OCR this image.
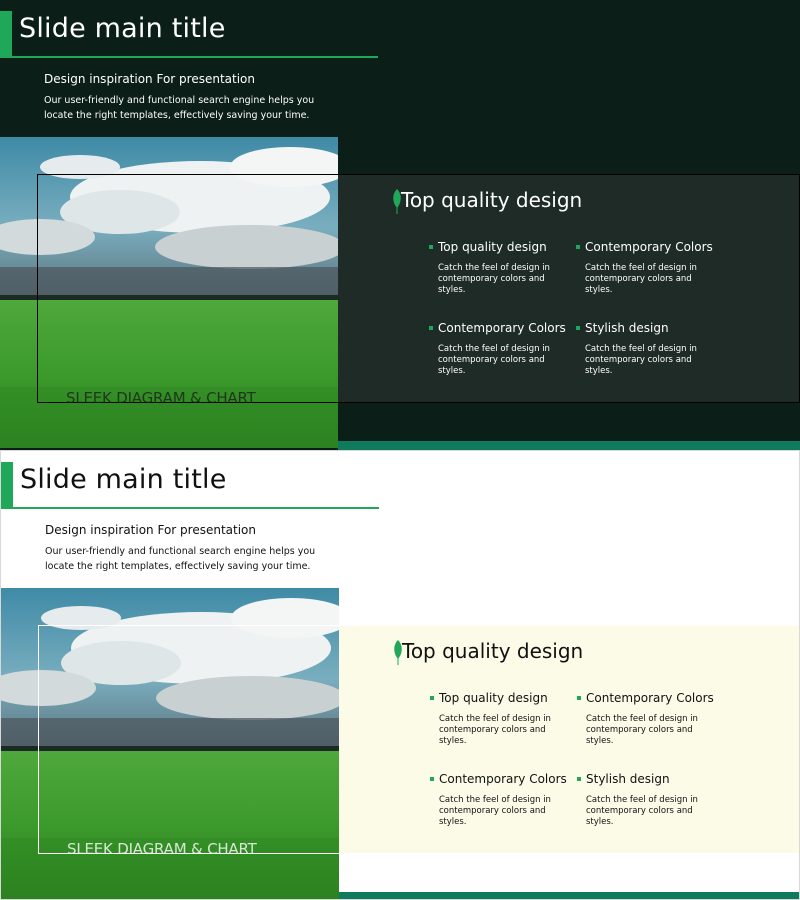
Slide main title
Design inspiration For presentation
Our user-friendly and functional search engine helps you locate the right templates, effectively saving your time.
SLEEK DIAGRAM & CHART
Top quality design
Top quality design
Catch the feel of design in contemporary colors and styles.
Contemporary Colors
Catch the feel of design in contemporary colors and styles.
Contemporary Colors
Catch the feel of design in contemporary colors and styles.
Stylish design
Catch the feel of design in contemporary colors and styles.
Slide main title
Design inspiration For presentation
Our user-friendly and functional search engine helps you locate the right templates, effectively saving your time.
SLEEK DIAGRAM & CHART
Top quality design
Top quality design
Catch the feel of design in contemporary colors and styles.
Contemporary Colors
Catch the feel of design in contemporary colors and styles.
Contemporary Colors
Catch the feel of design in contemporary colors and styles.
Stylish design
Catch the feel of design in contemporary colors and styles.
